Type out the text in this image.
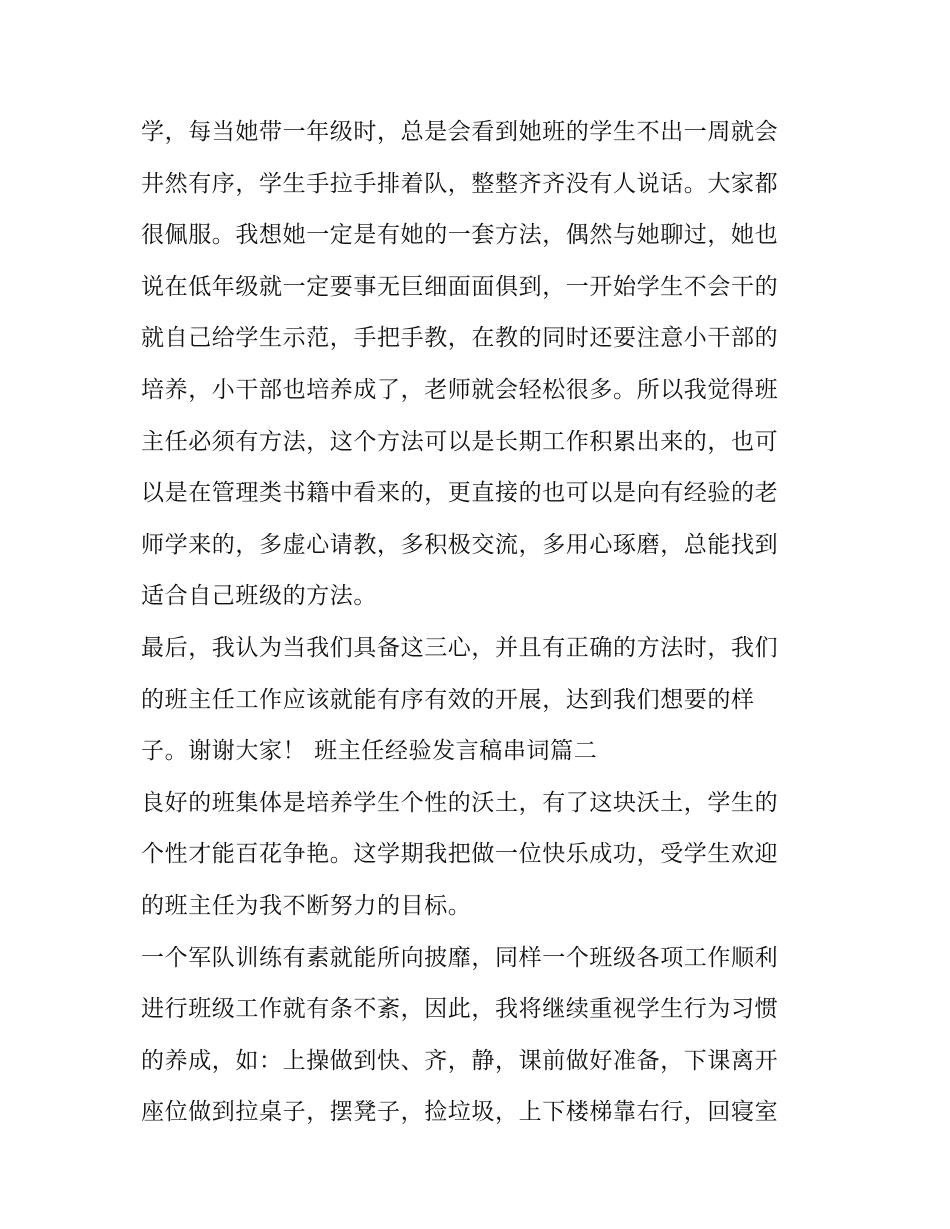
学，每当她带一年级时，总是会看到她班的学生不出一周就会
井然有序，学生手拉手排着队，整整齐齐没有人说话。大家都
很佩服。我想她一定是有她的一套方法，偶然与她聊过，她也
说在低年级就一定要事无巨细面面俱到，一开始学生不会干的
就自己给学生示范，手把手教，在教的同时还要注意小干部的
培养，小干部也培养成了，老师就会轻松很多。所以我觉得班
主任必须有方法，这个方法可以是长期工作积累出来的，也可
以是在管理类书籍中看来的，更直接的也可以是向有经验的老
师学来的，多虚心请教，多积极交流，多用心琢磨，总能找到
适合自己班级的方法。
最后，我认为当我们具备这三心，并且有正确的方法时，我们
的班主任工作应该就能有序有效的开展，达到我们想要的样
子。谢谢大家！ 班主任经验发言稿串词篇二
良好的班集体是培养学生个性的沃土，有了这块沃土，学生的
个性才能百花争艳。这学期我把做一位快乐成功，受学生欢迎
的班主任为我不断努力的目标。
一个军队训练有素就能所向披靡，同样一个班级各项工作顺利
进行班级工作就有条不紊，因此，我将继续重视学生行为习惯
的养成，如：上操做到快、齐，静，课前做好准备，下课离开
座位做到拉桌子，摆凳子，捡垃圾，上下楼梯靠右行，回寝室
